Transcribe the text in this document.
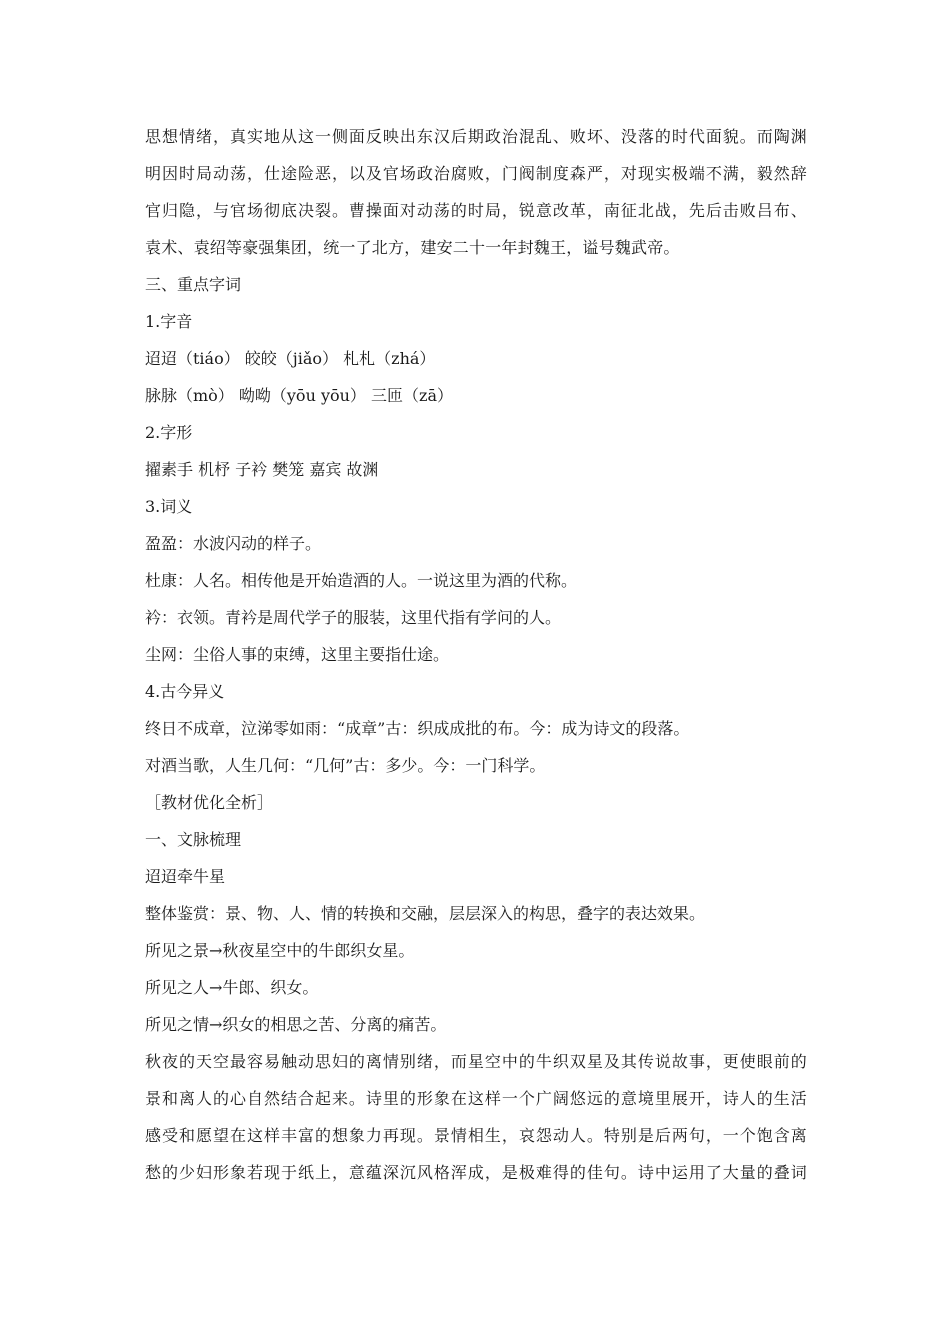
思想情绪，真实地从这一侧面反映出东汉后期政治混乱、败坏、没落的时代面貌。而陶渊
明因时局动荡，仕途险恶，以及官场政治腐败，门阀制度森严，对现实极端不满，毅然辞
官归隐，与官场彻底决裂。曹操面对动荡的时局，锐意改革，南征北战，先后击败吕布、
袁术、袁绍等豪强集团，统一了北方，建安二十一年封魏王，谥号魏武帝。
三、重点字词
1.字音
迢迢（tiáo） 皎皎（jiǎo） 札札（zhá）
脉脉（mò） 呦呦（yōu yōu） 三匝（zā）
2.字形
擢素手 机杼 子衿 樊笼 嘉宾 故渊
3.词义
盈盈：水波闪动的样子。
杜康：人名。相传他是开始造酒的人。一说这里为酒的代称。
衿：衣领。青衿是周代学子的服装，这里代指有学问的人。
尘网：尘俗人事的束缚，这里主要指仕途。
4.古今异义
终日不成章，泣涕零如雨：“成章”古：织成成批的布。今：成为诗文的段落。
对酒当歌，人生几何：“几何”古：多少。今：一门科学。
［教材优化全析］
一、文脉梳理
迢迢牵牛星
整体鉴赏：景、物、人、情的转换和交融，层层深入的构思，叠字的表达效果。
所见之景→秋夜星空中的牛郎织女星。
所见之人→牛郎、织女。
所见之情→织女的相思之苦、分离的痛苦。
秋夜的天空最容易触动思妇的离情别绪，而星空中的牛织双星及其传说故事，更使眼前的
景和离人的心自然结合起来。诗里的形象在这样一个广阔悠远的意境里展开，诗人的生活
感受和愿望在这样丰富的想象力再现。景情相生，哀怨动人。特别是后两句，一个饱含离
愁的少妇形象若现于纸上，意蕴深沉风格浑成，是极难得的佳句。诗中运用了大量的叠词
